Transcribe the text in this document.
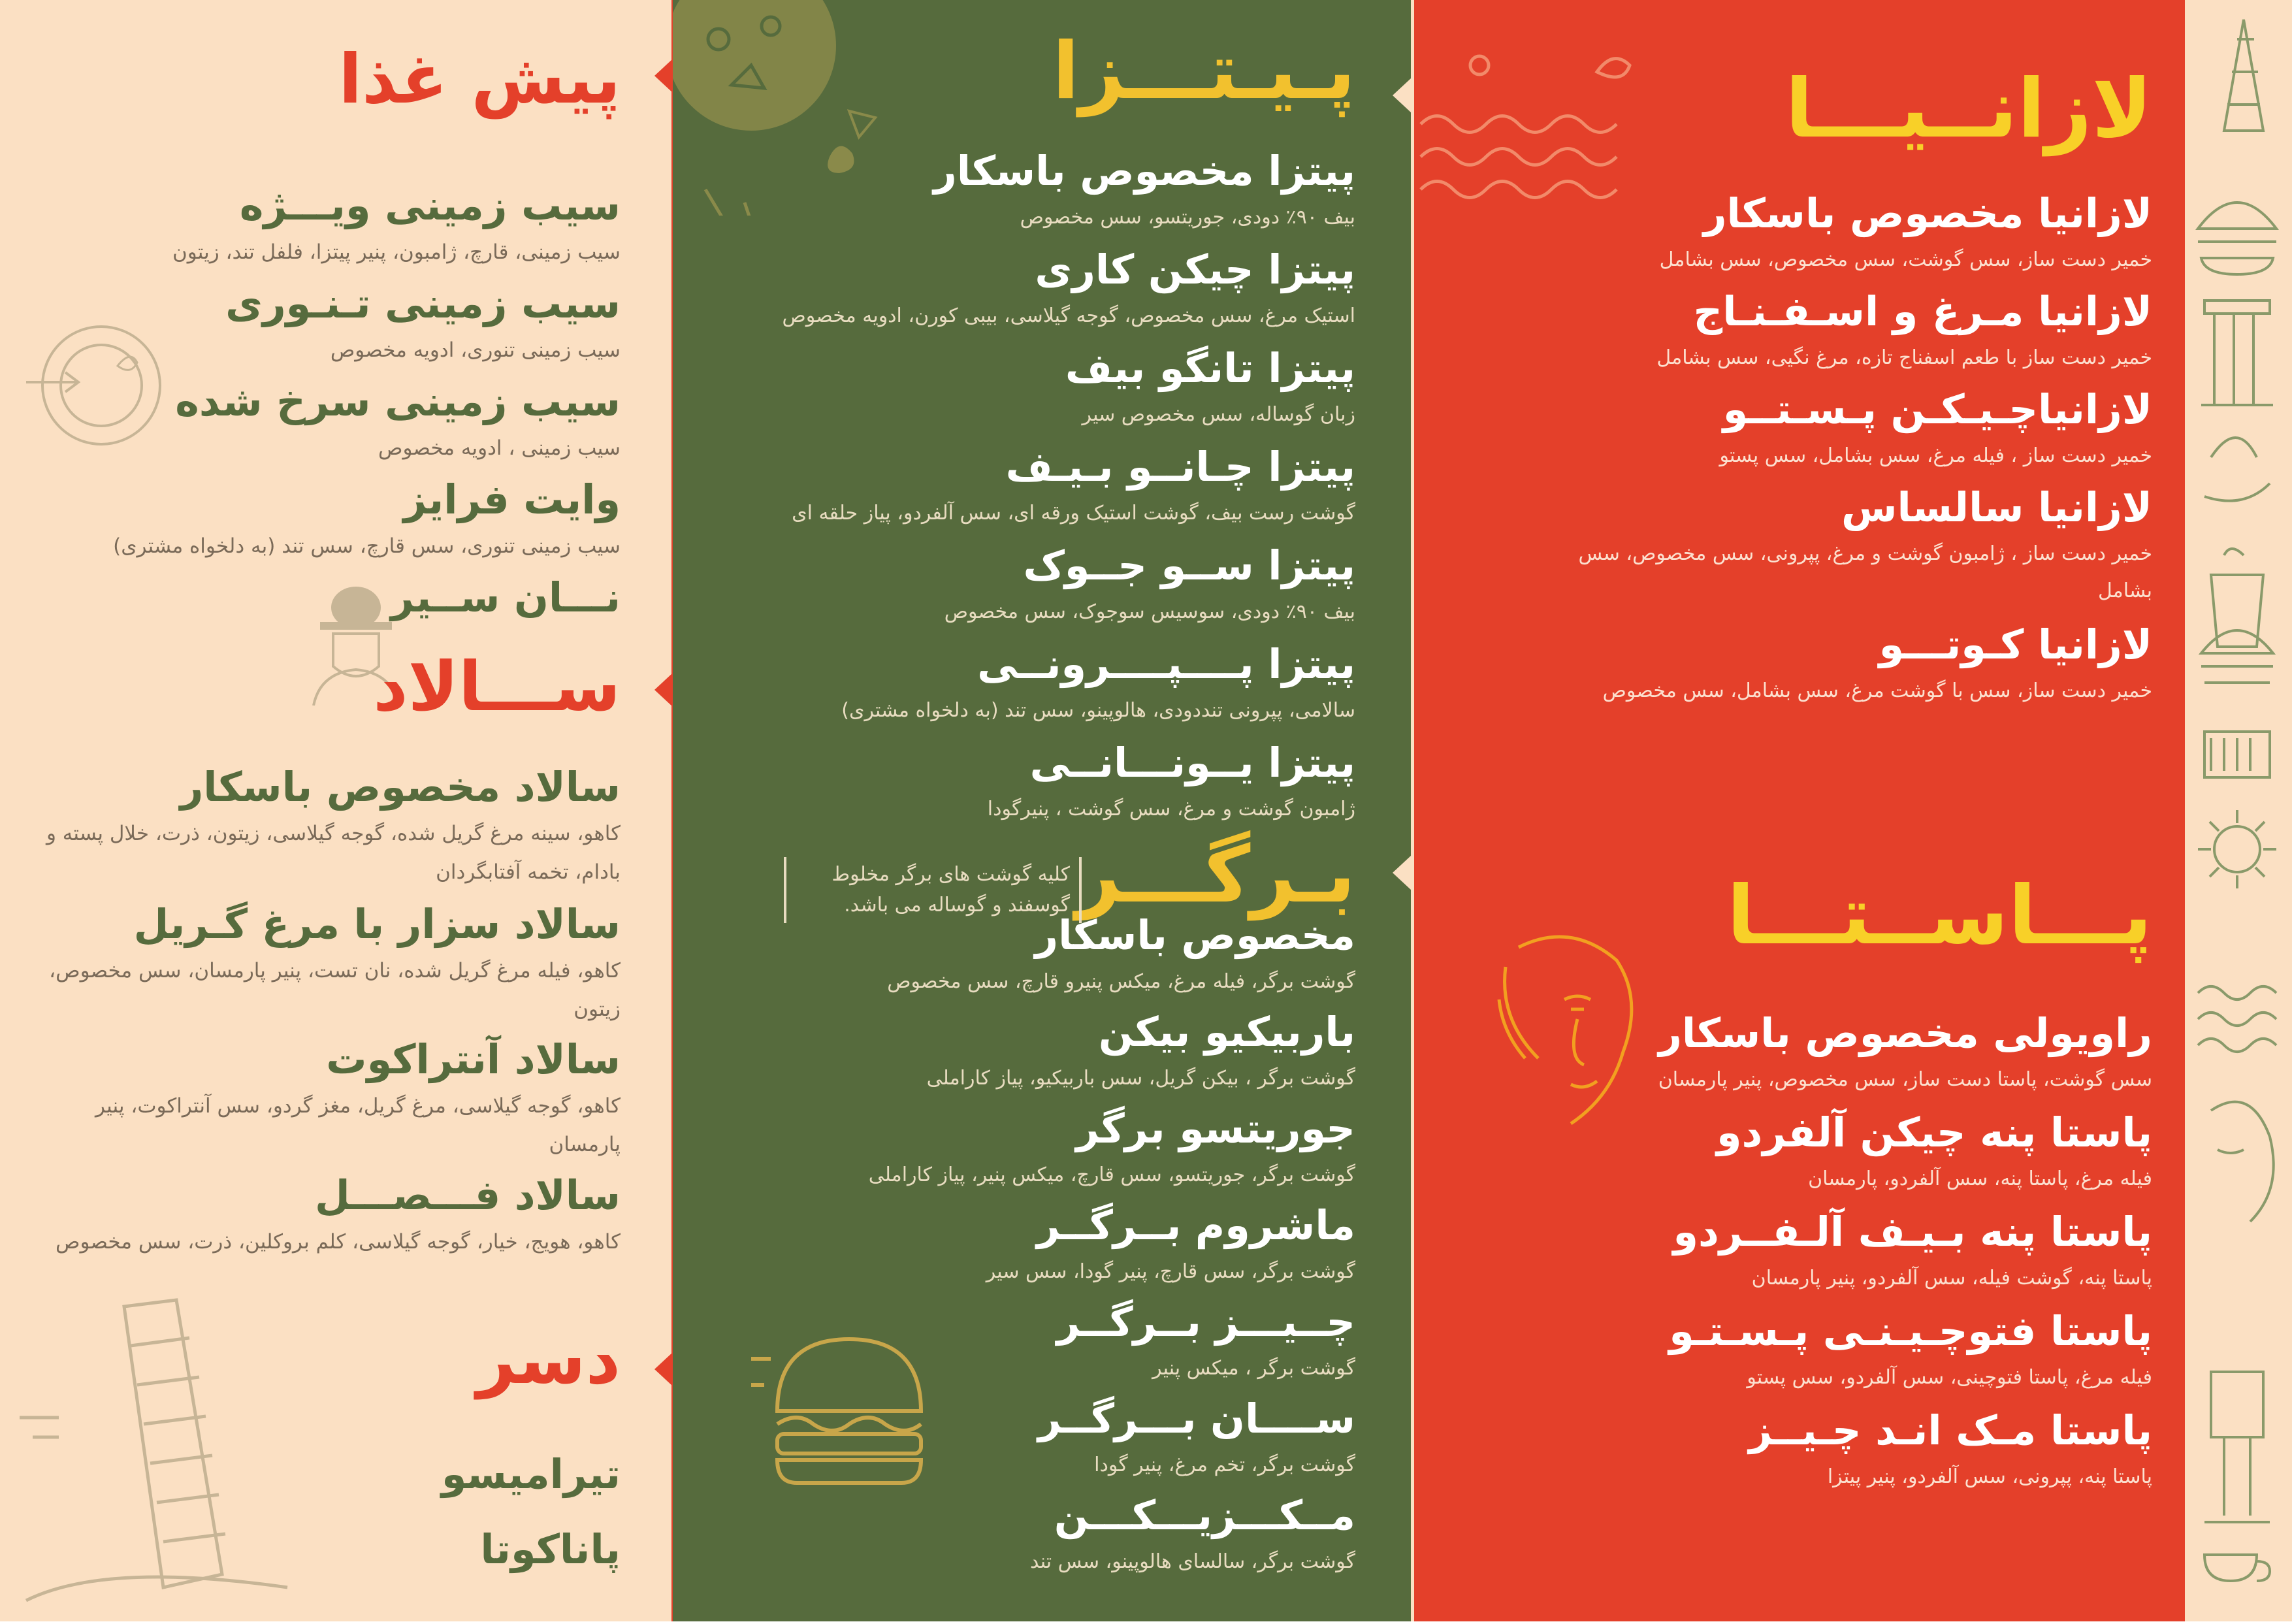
پیش غذا
سیب زمینی ویـــژه
سیب زمینی، قارچ، ژامبون، پنیر پیتزا، فلفل تند، زیتون
سیب زمینی تـنـوری
سیب زمینی تنوری، ادویه مخصوص
سیب زمینی سرخ شده
سیب زمینی ، ادویه مخصوص
وایت فرایز
سیب زمینی تنوری، سس قارچ، سس تند (به دلخواه مشتری)
نـــان ســیر
ســـالاد
سالاد مخصوص باسکار
کاهو، سینه مرغ گریل شده، گوجه گیلاسی، زیتون، ذرت، خلال پسته و بادام، تخمه آفتابگردان
سالاد سزار با مرغ گـریل
کاهو، فیله مرغ گریل شده، نان تست، پنیر پارمسان، سس مخصوص، زیتون
سالاد آنتراکوت
کاهو، گوجه گیلاسی، مرغ گریل، مغز گردو، سس آنتراکوت، پنیر پارمسان
سالاد فـــصـــل
کاهو، هویج، خیار، گوجه گیلاسی، کلم بروکلین، ذرت، سس مخصوص
دسر
تیرامیسو
پاناکوتا
پـیـتـــزا
پیتزا مخصوص باسکار
بیف ۹۰٪ دودی، جوریتسو، سس مخصوص
پیتزا چیکن کاری
استیک مرغ، سس مخصوص، گوجه گیلاسی، بیبی کورن، ادویه مخصوص
پیتزا تانگو بیف
زبان گوساله، سس مخصوص سیر
پیتزا چـانــو بـیـف
گوشت رست بیف، گوشت استیک ورقه ای، سس آلفردو، پیاز حلقه ای
پیتزا ســو جــوک
بیف ۹۰٪ دودی، سوسیس سوجوک، سس مخصوص
پیتزا پــــپــــرونــی
سالامی، پپرونی تنددودی، هالوپینو، سس تند (به دلخواه مشتری)
پیتزا یــونـــانــی
ژامبون گوشت و مرغ، سس گوشت ، پنیرگودا
بـرگـــر
کلیه گوشت های برگر مخلوط گوسفند و گوساله می باشد.
مخصوص باسکار
گوشت برگر، فیله مرغ، میکس پنیرو قارچ، سس مخصوص
باربیکیو بیکن
گوشت برگر ، بیکن گریل، سس باربیکیو، پیاز کاراملی
جوریتسو برگر
گوشت برگر، جوریتسو، سس قارچ، میکس پنیر، پیاز کاراملی
ماشروم بــرگــر
گوشت برگر، سس قارچ، پنیر گودا، سس سیر
چــیـــز بــرگــر
گوشت برگر ، میکس پنیر
ســــان بـــرگــر
گوشت برگر، تخم مرغ، پنیر گودا
مــکـــزیـــکـــن
گوشت برگر، سالسای هالوپینو، سس تند
لازانــیـــا
لازانیا مخصوص باسکار
خمیر دست ساز، سس گوشت، سس مخصوص، سس بشامل
لازانیا مـرغ و اسـفـنـاج
خمیر دست ساز با طعم اسفناج تازه، مرغ نگیی، سس بشامل
لازانیاچـیـکـن پـسـتــو
خمیر دست ساز ، فیله مرغ، سس بشامل، سس پستو
لازانیا سالساس
خمیر دست ساز ، ژامبون گوشت و مرغ، پپرونی، سس مخصوص، سس بشامل
لازانیا کـوتـــو
خمیر دست ساز، سس با گوشت مرغ، سس بشامل، سس مخصوص
پـــاســتـــا
راویولی مخصوص باسکار
سس گوشت، پاستا دست ساز، سس مخصوص، پنیر پارمسان
پاستا پنه چیکن آلفردو
فیله مرغ، پاستا پنه، سس آلفردو، پارمسان
پاستا پنه بـیـف آلـفــردو
پاستا پنه، گوشت فیله، سس آلفردو، پنیر پارمسان
پاستا فتوچـیـنـی پـسـتـو
فیله مرغ، پاستا فتوچینی، سس آلفردو، سس پستو
پاستا مـک انـد چـیــز
پاستا پنه، پپرونی، سس آلفردو، پنیر پیتزا
